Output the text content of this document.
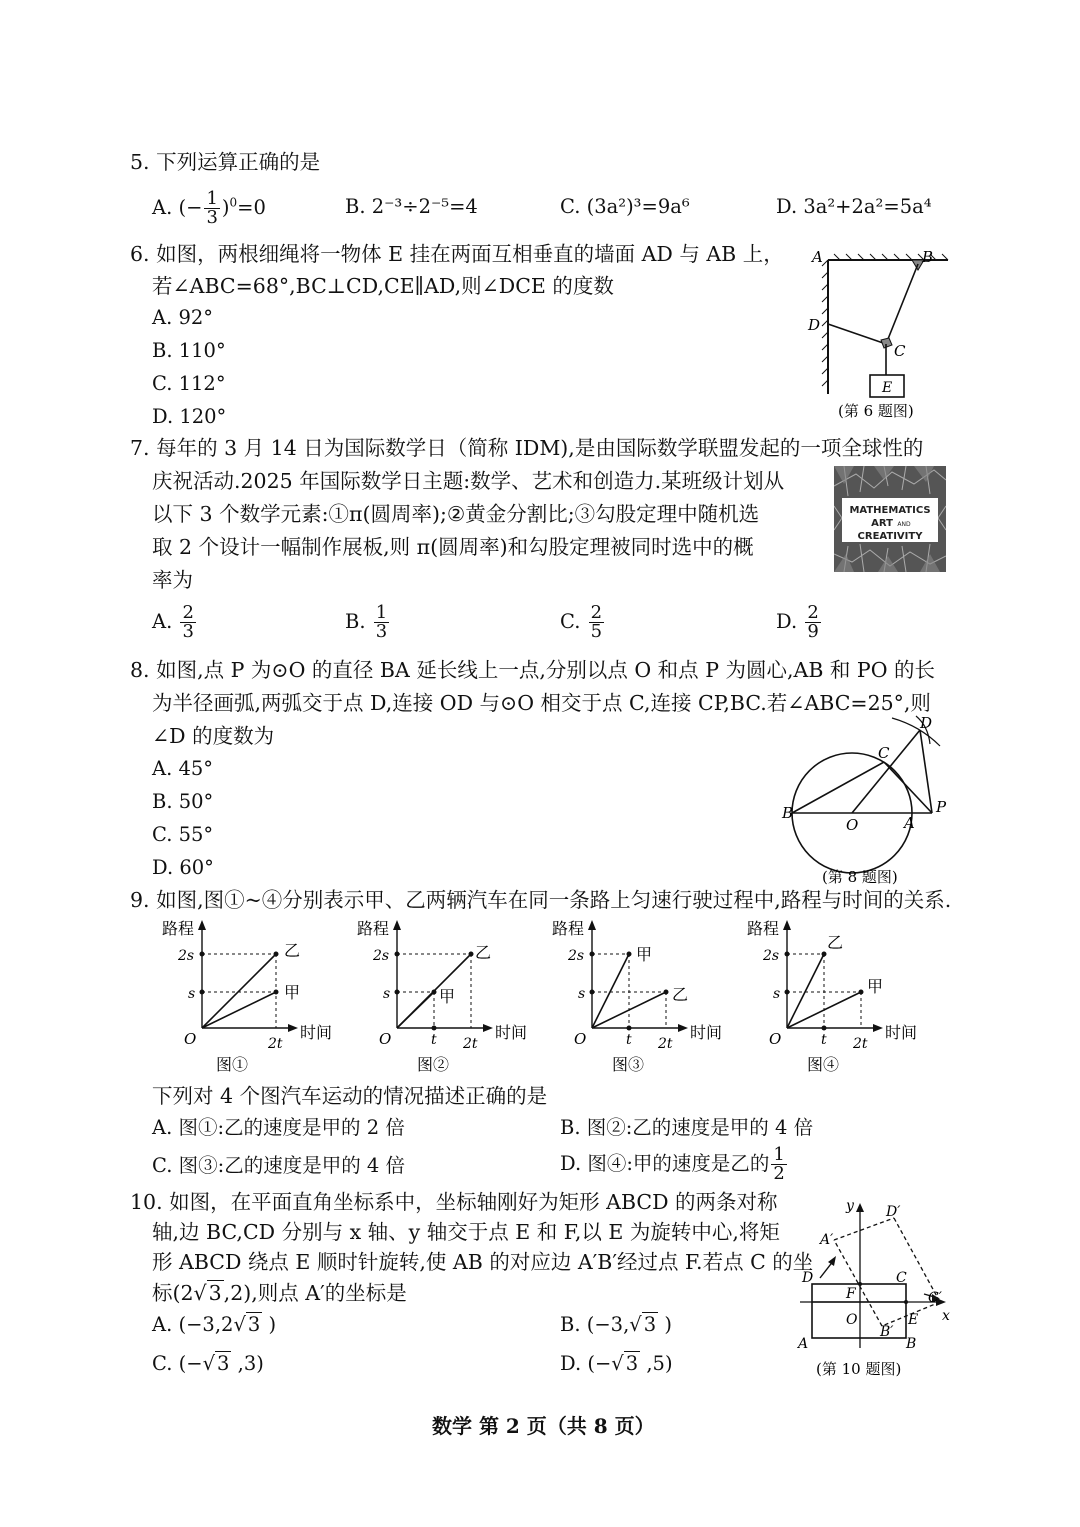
5. 下列运算正确的是
A. (− $\frac{1}{3} )^0=0$	B. 2⁻³÷2⁻⁵=4	C. (3a²)³=9a⁶	D. 3a²+2a²=5a⁴
6. 如图，两根细绳将一物体 E 挂在两面互相垂直的墙面 AD 与 AB 上，
若∠ABC=68°,BC⊥CD,CE∥AD,则∠DCE 的度数
A. 92°
B. 110°
C. 112°
D. 120°
A	B
D
C
E
(第 6 题图)
7. 每年的 3 月 14 日为国际数学日（简称 IDM),是由国际数学联盟发起的一项全球性的
庆祝活动.2025 年国际数学日主题:数学、艺术和创造力.某班级计划从
以下 3 个数学元素:①π(圆周率);②黄金分割比;③勾股定理中随机选
取 2 个设计一幅制作展板,则 π(圆周率)和勾股定理被同时选中的概
率为
MATHEMATICS
ART AND
CREATIVITY
A. $\frac{2}{3}$	B. $\frac{1}{3}$	C. $\frac{2}{5}$	D. $\frac{2}{9}$
8. 如图,点 P 为⊙O 的直径 BA 延长线上一点,分别以点 O 和点 P 为圆心,AB 和 PO 的长
为半径画弧,两弧交于点 D,连接 OD 与⊙O 相交于点 C,连接 CP,BC.若∠ABC=25°,则
∠D 的度数为
A. 45°
B. 50°
C. 55°
D. 60°
B
O	A
P
C
D
(第 8 题图)
9. 如图,图①~④分别表示甲、乙两辆汽车在同一条路上匀速行驶过程中,路程与时间的关系.
路程
时间
2s
s
O	2t
乙
甲
图①
路程
时间
2s
s
O	t 2t
乙
甲
图②
路程
时间
2s
s
O	t 2t
甲
乙
图③
路程
时间
2s
s
O	t 2t
乙
甲
图④
下列对 4 个图汽车运动的情况描述正确的是
A. 图①:乙的速度是甲的 2 倍	B. 图②:乙的速度是甲的 4 倍
C. 图③:乙的速度是甲的 4 倍	D. 图④:甲的速度是乙的 $\frac{1}{2}$
10. 如图，在平面直角坐标系中，坐标轴刚好为矩形 ABCD 的两条对称
轴,边 BC,CD 分别与 x 轴、y 轴交于点 E 和 F,以 E 为旋转中心,将矩
形 ABCD 绕点 E 顺时针旋转,使 AB 的对应边 A′B′经过点 F.若点 C 的坐
标(2√3,2),则点 A′的坐标是
A. (−3,2√ 3 )	B. (−3,√ 3 )
C. (−√ 3 ,3)	D. (−√ 3 ,5)
y
x
D′
A′
D	C
C′
F
O	E
B′
A	B
(第 10 题图)
数学 第 2 页（共 8 页）
